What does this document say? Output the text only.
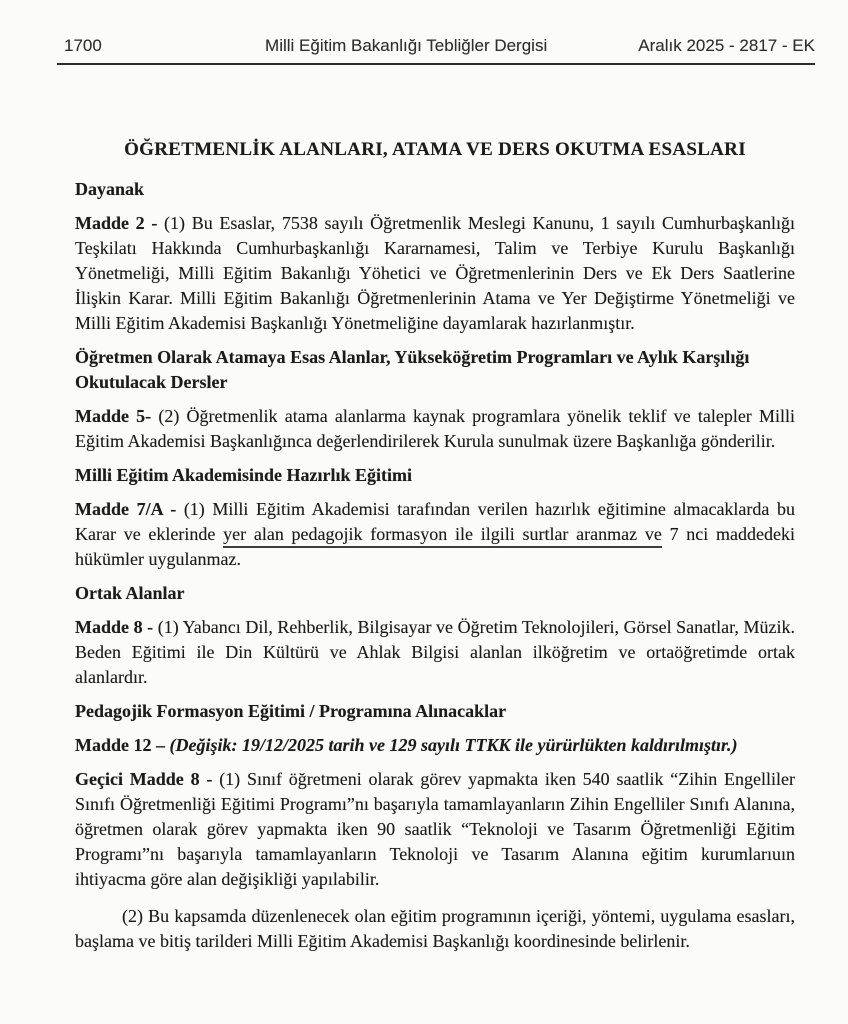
1700	Milli Eğitim Bakanlığı Tebliğler Dergisi	Aralık 2025 - 2817 - EK
ÖĞRETMENLİK ALANLARI, ATAMA VE DERS OKUTMA ESASLARI
Dayanak

Madde 2 - (1) Bu Esaslar, 7538 sayılı Öğretmenlik Meslegi Kanunu, 1 sayılı Cumhurbaşkanlığı Teşkilatı Hakkında Cumhurbaşkanlığı Kararnamesi, Talim ve Terbiye Kurulu Başkanlığı Yönetmeliği, Milli Eğitim Bakanlığı Yöhetici ve Öğretmenlerinin Ders ve Ek Ders Saatlerine İlişkin Karar. Milli Eğitim Bakanlığı Öğretmenlerinin Atama ve Yer Değiştirme Yönetmeliği ve Milli Eğitim Akademisi Başkanlığı Yönetmeliğine dayamlarak hazırlanmıştır.

Öğretmen Olarak Atamaya Esas Alanlar, Yükseköğretim Programları ve Aylık Karşılığı Okutulacak Dersler

Madde 5- (2) Öğretmenlik atama alanlarma kaynak programlara yönelik teklif ve talepler Milli Eğitim Akademisi Başkanlığınca değerlendirilerek Kurula sunulmak üzere Başkanlığa gönderilir.

Milli Eğitim Akademisinde Hazırlık Eğitimi

Madde 7/A - (1) Milli Eğitim Akademisi tarafından verilen hazırlık eğitimine almacaklarda bu Karar ve eklerinde yer alan pedagojik formasyon ile ilgili surtlar aranmaz ve 7 nci maddedeki hükümler uygulanmaz.

Ortak Alanlar

Madde 8 - (1) Yabancı Dil, Rehberlik, Bilgisayar ve Öğretim Teknolojileri, Görsel Sanatlar, Müzik. Beden Eğitimi ile Din Kültürü ve Ahlak Bilgisi alanlan ilköğretim ve ortaöğretimde ortak alanlardır.

Pedagojik Formasyon Eğitimi / Programına Alınacaklar

Madde 12 – (Değişik: 19/12/2025 tarih ve 129 sayılı TTKK ile yürürlükten kaldırılmıştır.)

Geçici Madde 8 - (1) Sınıf öğretmeni olarak görev yapmakta iken 540 saatlik “Zihin Engelliler Sınıfı Öğretmenliği Eğitimi Programı”nı başarıyla tamamlayanların Zihin Engelliler Sınıfı Alanına, öğretmen olarak görev yapmakta iken 90 saatlik “Teknoloji ve Tasarım Öğretmenliği Eğitim Programı”nı başarıyla tamamlayanların Teknoloji ve Tasarım Alanına eğitim kurumlarıuın ihtiyacma göre alan değişikliği yapılabilir.

(2) Bu kapsamda düzenlenecek olan eğitim programının içeriği, yöntemi, uygulama esasları, başlama ve bitiş tarilderi Milli Eğitim Akademisi Başkanlığı koordinesinde belirlenir.
